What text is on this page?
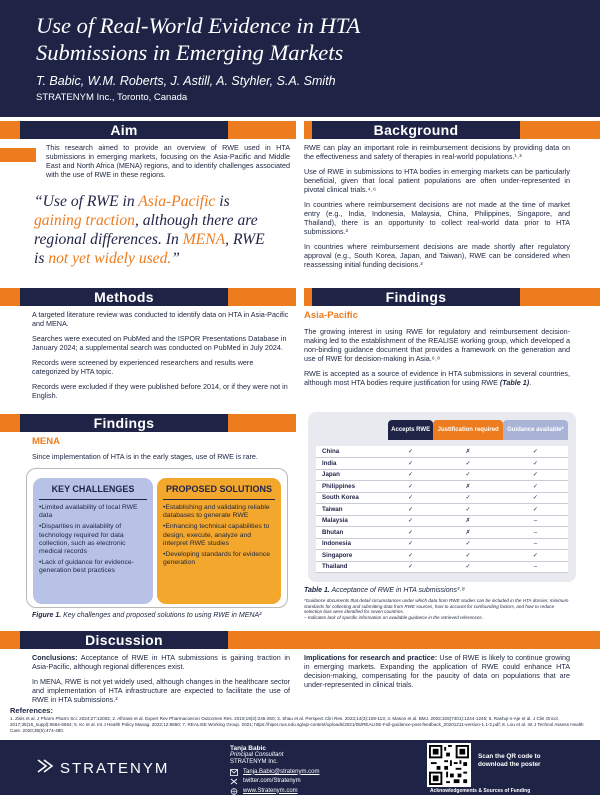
Use of Real-World Evidence in HTA
Submissions in Emerging Markets
T. Babic, W.M. Roberts, J. Astill, A. Styhler, S.A. Smith
STRATENYM Inc., Toronto, Canada
Aim

This research aimed to provide an overview of RWE used in HTA submissions in emerging markets, focusing on the Asia-Pacific and Middle East and North Africa (MENA) regions, and to identify challenges associated with the use of RWE in these regions.

“Use of RWE in Asia-Pacific is gaining traction, although there are regional differences. In MENA, RWE is not yet widely used.”
Methods

A targeted literature review was conducted to identify data on HTA in Asia-Pacific and MENA.

Searches were executed on PubMed and the ISPOR Presentations Database in January 2024; a supplemental search was conducted on PubMed in July 2024.

Records were screened by experienced researchers and results were categorized by HTA topic.

Records were excluded if they were published before 2014, or if they were not in English.

Findings
MENA

Since implementation of HTA is in the early stages, use of RWE is rare.

KEY CHALLENGES
•Limited availability of local RWE data
•Disparities in availability of technology required for data collection, such as electronic medical records
•Lack of guidance for evidence-generation best practices
PROPOSED SOLUTIONS
•Establishing and validating reliable databases to generate RWE
•Enhancing technical capabilities to design, execute, analyze and interpret RWE studies
•Developing standards for evidence generation
Figure 1. Key challenges and proposed solutions to using RWE in MENA²
Background

RWE can play an important role in reimbursement decisions by providing data on the effectiveness and safety of therapies in real-world populations.¹˒³

Use of RWE in submissions to HTA bodies in emerging markets can be particularly beneficial, given that local patient populations are often under-represented in pivotal clinical trials.⁴˒⁶

In countries where reimbursement decisions are not made at the time of market entry (e.g., India, Indonesia, Malaysia, China, Philippines, Singapore, and Thailand), there is an opportunity to collect real-world data prior to HTA submissions.³

In countries where reimbursement decisions are made shortly after regulatory approval (e.g., South Korea, Japan, and Taiwan), RWE can be considered when reassessing initial funding decisions.³

Findings
Asia-Pacific

The growing interest in using RWE for regulatory and reimbursement decision-making led to the establishment of the REALISE working group, which developed a non-binding guidance document that provides a framework on the generation and use of RWE for decision-making in Asia.⁶˒⁸

RWE is accepted as a source of evidence in HTA submissions in several countries, although most HTA bodies require justification for using RWE (Table 1).

	Accepts RWE	Justification required	Guidance available*

China	✓	✗	✓
India	✓	✓	✓
Japan	✓	✓	✓
Philippines	✓	✗	✓
South Korea	✓	✓	✓
Taiwan	✓	✓	✓
Malaysia	✓	✗	–
Bhutan	✓	✗	–
Indonesia	✓	✓	–
Singapore	✓	✓	✓
Thailand	✓	✓	–
Table 1. Acceptance of RWE in HTA submissions³˒⁸
*Guidance documents that detail circumstances under which data from RWE studies can be included in the HTA dossier, minimum standards for collecting and submitting data from RWE sources, how to account for confounding factors, and how to reduce selection bias were identified for seven countries.
– Indicates lack of specific information on available guidance in the retrieved references.
Discussion

Conclusions: Acceptance of RWE in HTA submissions is gaining traction in Asia-Pacific, although regional differences exist.

In MENA, RWE is not yet widely used, although changes in the healthcare sector and implementation of HTA infrastructure are expected to facilitate the use of RWE in HTA submissions.²

Implications for research and practice: Use of RWE is likely to continue growing in emerging markets. Expanding the application of RWE could enhance HTA decision-making, compensating for the paucity of data on populations that are under-represented in clinical trials.

References:
1. Zisis et al. J Pharm Pharm Sci. 2024;27:12002; 2. Alhrass et al. Expert Rev Pharmacoecon Outcomes Res. 2019;19(3):245-250; 3. Shau et al. Perspect Clin Res. 2023;14(3):108-113; 4. Mason et al. BMJ. 2003;326(7401):1244-1245; 5. Rashqi-n-Aje et al. J Clin Oncol. 2017;35(15_suppl):6564-6564; 6. Kc et al. Int J Health Policy Manag. 2022;12:6850; 7. REALISE Working Group. 2021; https://hiper.nus.edu.sg/wp-content/uploads/2021/05/REALISE-Full-guidance-post-feedback_20201211-version-1.1-2.pdf; 8. Lou et al. Int J Technol Assess Health Care. 2020;36(5):474-480.
STRATENYM
Tanja Babic
Principal Consultant
STRATENYM Inc.
Tanja.Babic@stratenym.com
twitter.com/Stratenym
www.Stratenym.com
Scan the QR code to
download the poster
Acknowledgements & Sources of Funding
